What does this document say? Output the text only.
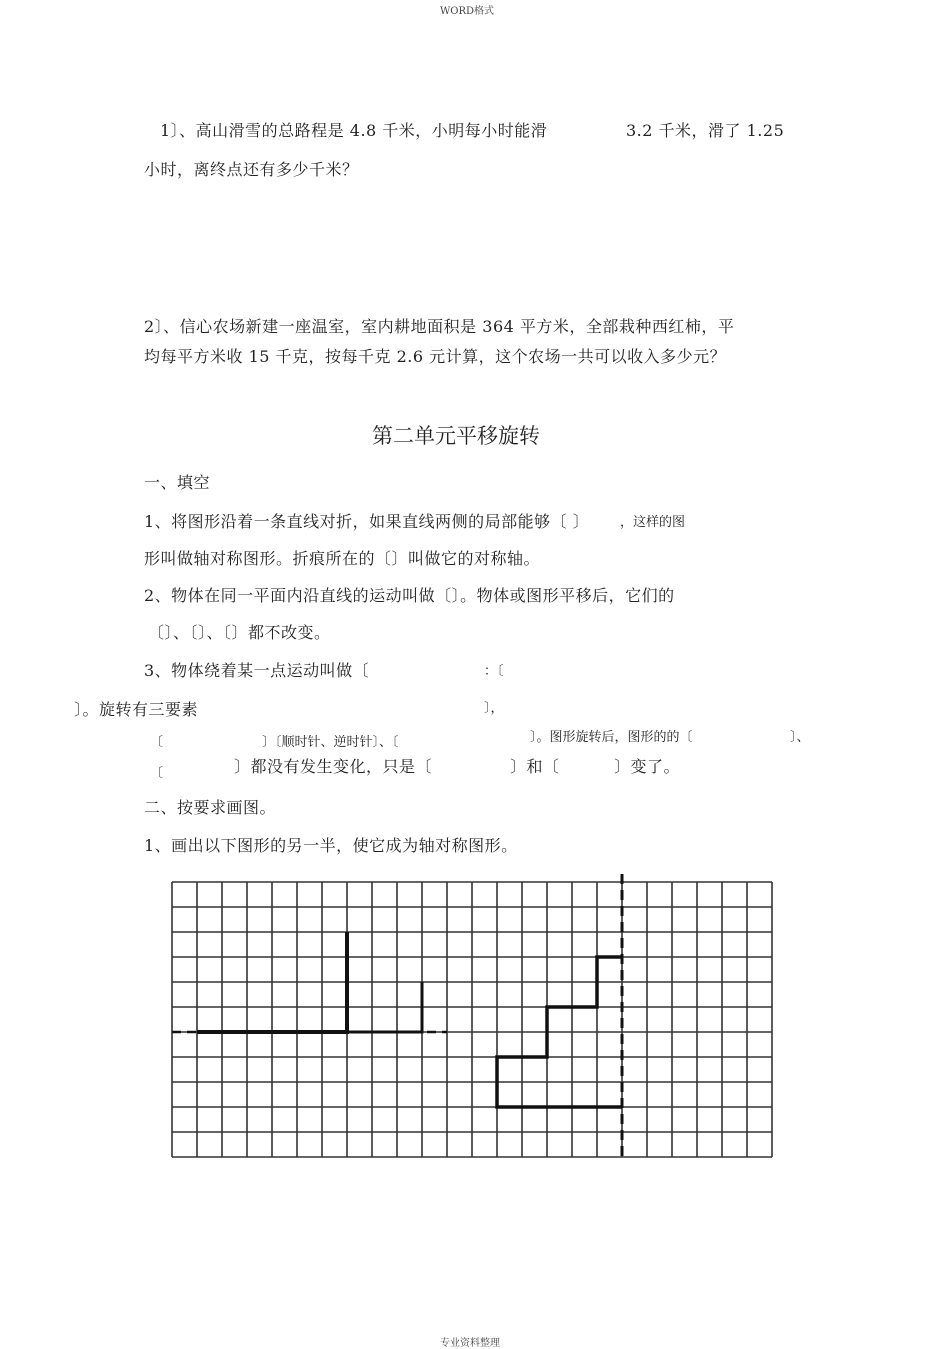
WORD格式
1〕、高山滑雪的总路程是 4.8 千米，小明每小时能滑	3.2 千米，滑了 1.25
小时，离终点还有多少千米？
2〕、信心农场新建一座温室，室内耕地面积是 364 平方米，全部栽种西红柿，平
均每平方米收 15 千克，按每千克 2.6 元计算，这个农场一共可以收入多少元？
第二单元平移旋转
一、填空
1、将图形沿着一条直线对折，如果直线两侧的局部能够〔 〕 ，这样的图
形叫做轴对称图形。折痕所在的〔〕叫做它的对称轴。
2、物体在同一平面内沿直线的运动叫做〔〕。物体或图形平移后，它们的
〔〕、〔〕、〔〕都不改变。
3、物体绕着某一点运动叫做〔	：〔
〕。旋转有三要素	〕，
〔	〕〔顺时针、逆时针〕、〔	〕。图形旋转后，图形的的〔	〕、
〔	〕都没有发生变化，只是〔	〕和〔	〕变了。
二、按要求画图。
1、画出以下图形的另一半，使它成为轴对称图形。
专业资料整理
